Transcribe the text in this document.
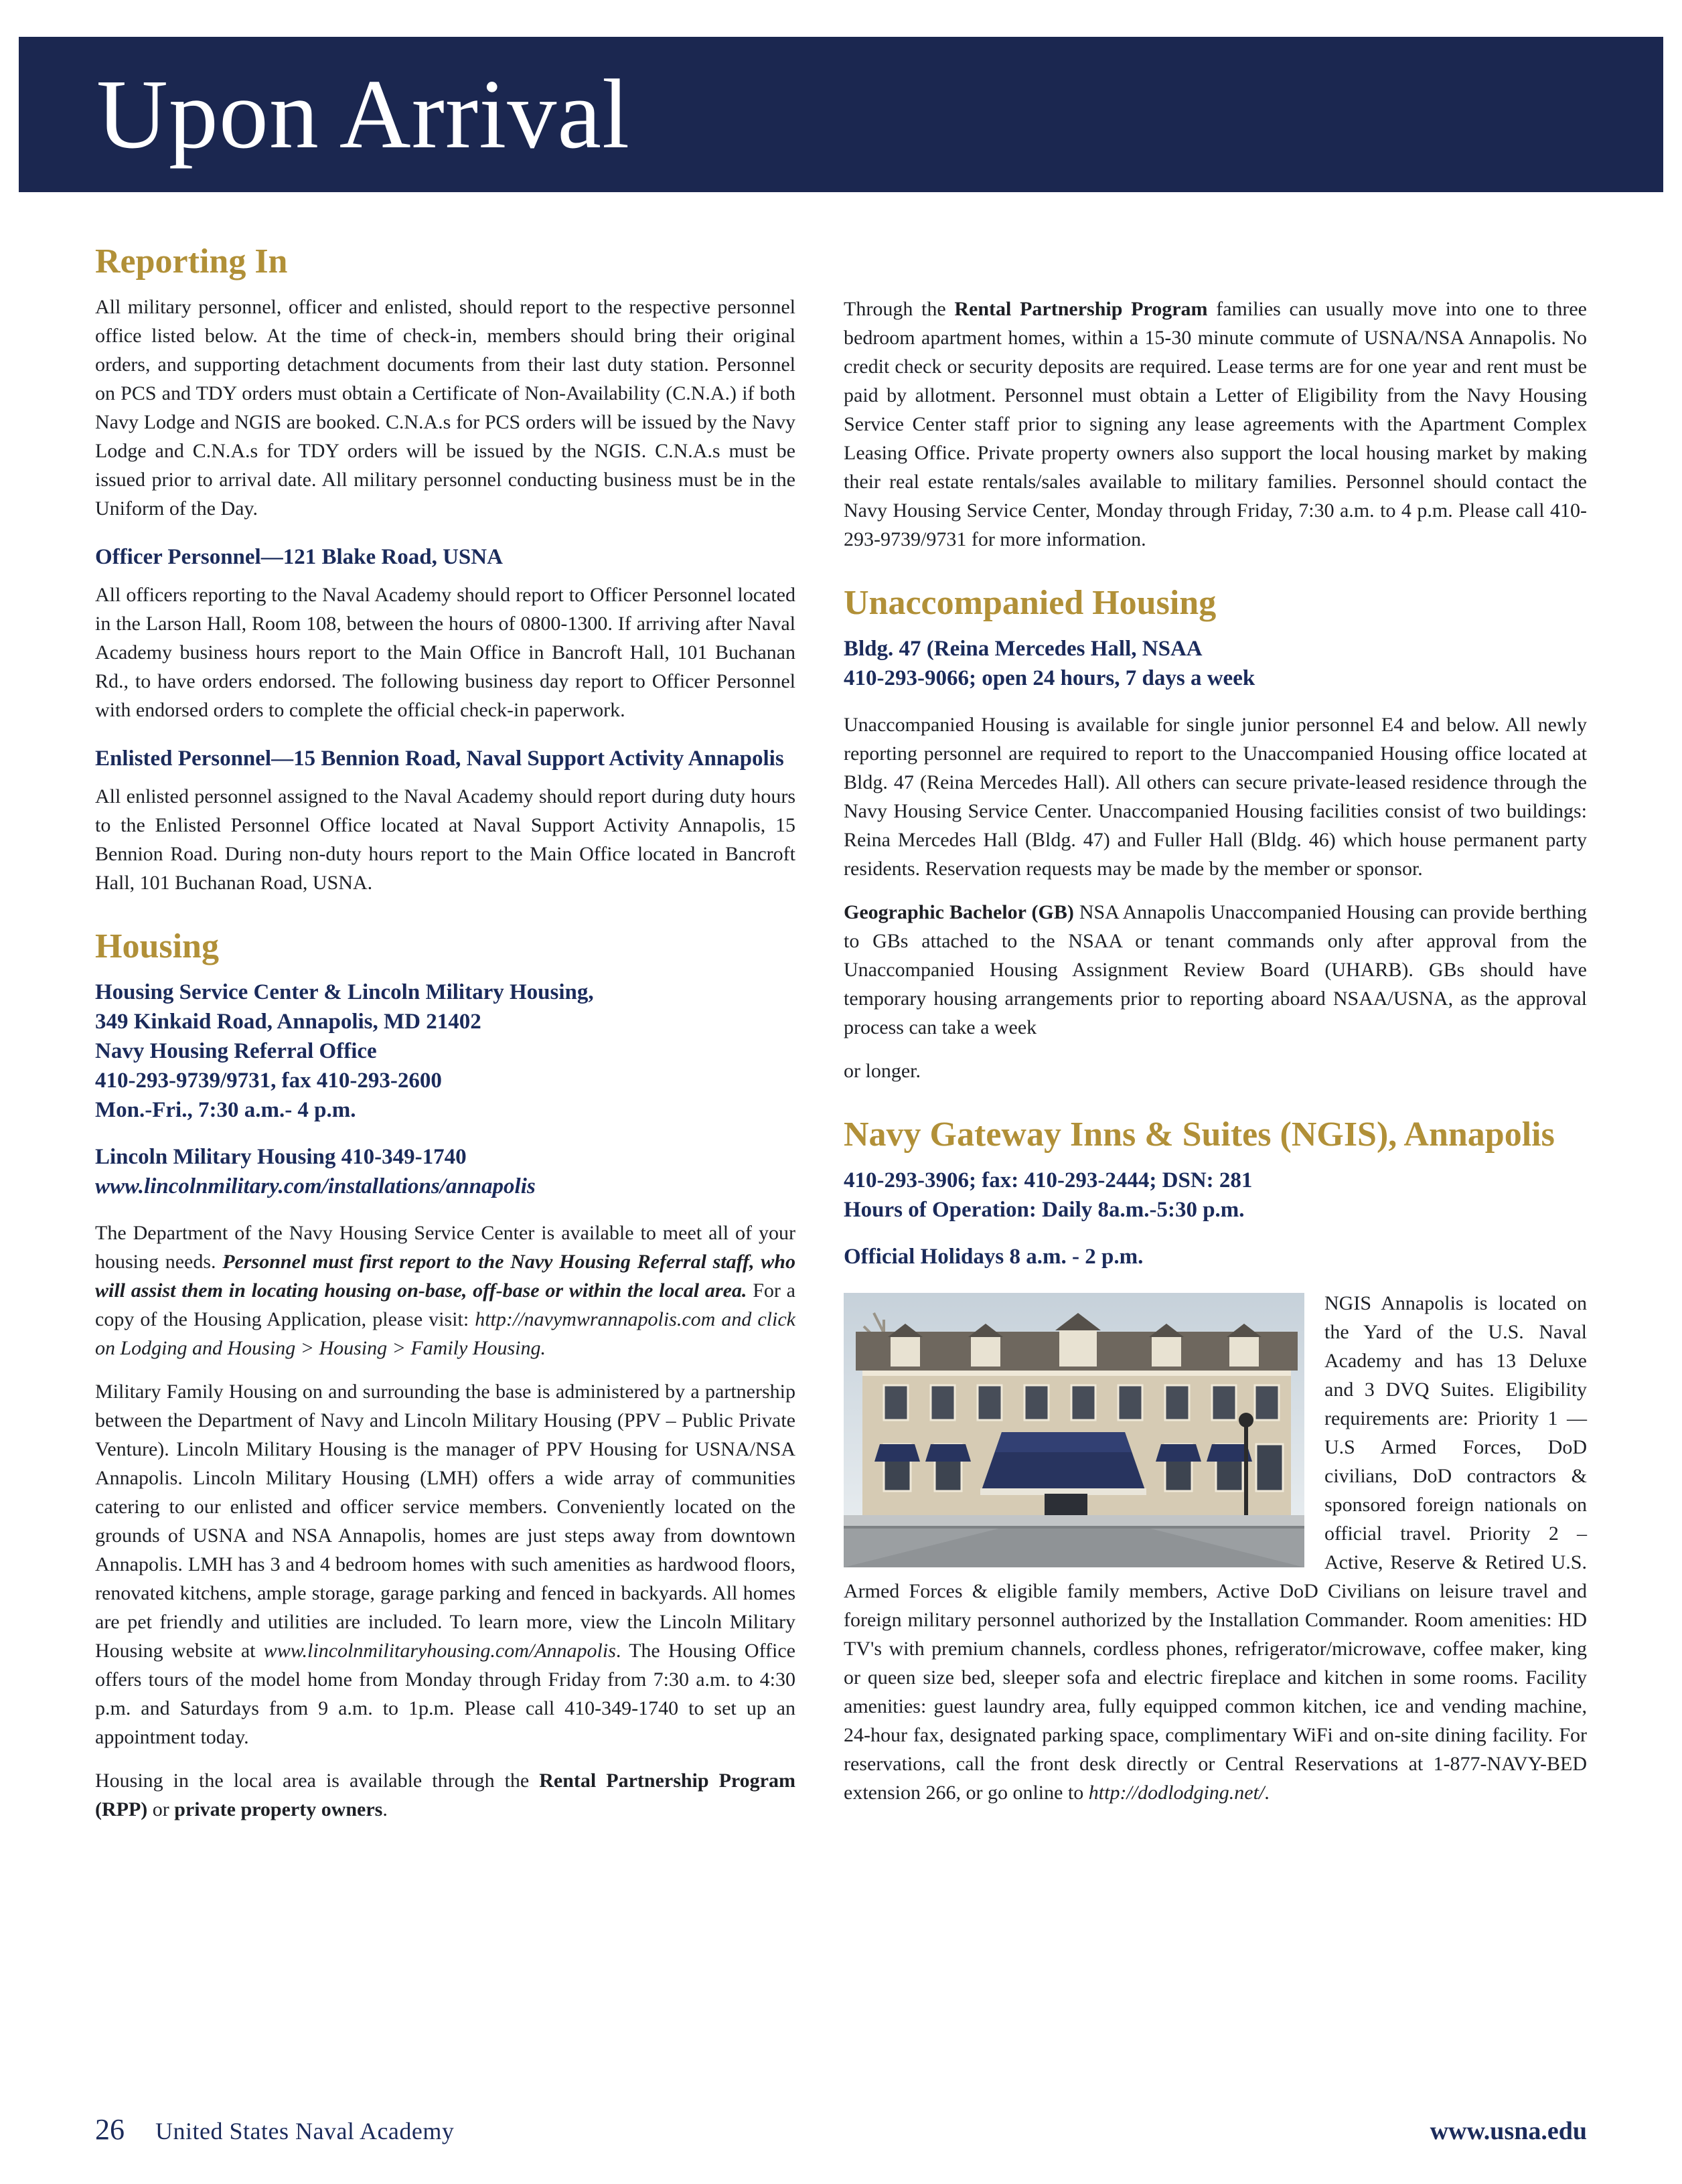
Upon Arrival
Reporting In

All military personnel, officer and enlisted, should report to the respective personnel office listed below. At the time of check-in, members should bring their original orders, and supporting detachment documents from their last duty station. Personnel on PCS and TDY orders must obtain a Certificate of Non-Availability (C.N.A.) if both Navy Lodge and NGIS are booked. C.N.A.s for PCS orders will be issued by the Navy Lodge and C.N.A.s for TDY orders will be issued by the NGIS. C.N.A.s must be issued prior to arrival date. All military personnel conducting business must be in the Uniform of the Day.

Officer Personnel—121 Blake Road, USNA

All officers reporting to the Naval Academy should report to Officer Personnel located in the Larson Hall, Room 108, between the hours of 0800-1300. If arriving after Naval Academy business hours report to the Main Office in Bancroft Hall, 101 Buchanan Rd., to have orders endorsed. The following business day report to Officer Personnel with endorsed orders to complete the official check-in paperwork.

Enlisted Personnel—15 Bennion Road, Naval Support Activity Annapolis

All enlisted personnel assigned to the Naval Academy should report during duty hours to the Enlisted Personnel Office located at Naval Support Activity Annapolis, 15 Bennion Road. During non-duty hours report to the Main Office located in Bancroft Hall, 101 Buchanan Road, USNA.

Housing
Housing Service Center & Lincoln Military Housing,
349 Kinkaid Road, Annapolis, MD 21402
Navy Housing Referral Office
410-293-9739/9731, fax 410-293-2600
Mon.-Fri., 7:30 a.m.- 4 p.m.
Lincoln Military Housing 410-349-1740
www.lincolnmilitary.com/installations/annapolis

The Department of the Navy Housing Service Center is available to meet all of your housing needs. Personnel must first report to the Navy Housing Referral staff, who will assist them in locating housing on-base, off-base or within the local area. For a copy of the Housing Application, please visit: http://navymwrannapolis.com and click on Lodging and Housing > Housing > Family Housing.

Military Family Housing on and surrounding the base is administered by a partnership between the Department of Navy and Lincoln Military Housing (PPV – Public Private Venture). Lincoln Military Housing is the manager of PPV Housing for USNA/NSA Annapolis. Lincoln Military Housing (LMH) offers a wide array of communities catering to our enlisted and officer service members. Conveniently located on the grounds of USNA and NSA Annapolis, homes are just steps away from downtown Annapolis. LMH has 3 and 4 bedroom homes with such amenities as hardwood floors, renovated kitchens, ample storage, garage parking and fenced in backyards. All homes are pet friendly and utilities are included. To learn more, view the Lincoln Military Housing website at www.lincolnmilitaryhousing.com/Annapolis. The Housing Office offers tours of the model home from Monday through Friday from 7:30 a.m. to 4:30 p.m. and Saturdays from 9 a.m. to 1p.m. Please call 410-349-1740 to set up an appointment today.

Housing in the local area is available through the Rental Partnership Program (RPP) or private property owners.

Through the Rental Partnership Program families can usually move into one to three bedroom apartment homes, within a 15-30 minute commute of USNA/NSA Annapolis. No credit check or security deposits are required. Lease terms are for one year and rent must be paid by allotment. Personnel must obtain a Letter of Eligibility from the Navy Housing Service Center staff prior to signing any lease agreements with the Apartment Complex Leasing Office. Private property owners also support the local housing market by making their real estate rentals/sales available to military families. Personnel should contact the Navy Housing Service Center, Monday through Friday, 7:30 a.m. to 4 p.m. Please call 410-293-9739/9731 for more information.

Unaccompanied Housing
Bldg. 47 (Reina Mercedes Hall, NSAA
410-293-9066; open 24 hours, 7 days a week

Unaccompanied Housing is available for single junior personnel E4 and below. All newly reporting personnel are required to report to the Unaccompanied Housing office located at Bldg. 47 (Reina Mercedes Hall). All others can secure private-leased residence through the Navy Housing Service Center. Unaccompanied Housing facilities consist of two buildings: Reina Mercedes Hall (Bldg. 47) and Fuller Hall (Bldg. 46) which house permanent party residents. Reservation requests may be made by the member or sponsor.

Geographic Bachelor (GB) NSA Annapolis Unaccompanied Housing can provide berthing to GBs attached to the NSAA or tenant commands only after approval from the Unaccompanied Housing Assignment Review Board (UHARB). GBs should have temporary housing arrangements prior to reporting aboard NSAA/USNA, as the approval process can take a week

or longer.

Navy Gateway Inns & Suites (NGIS), Annapolis
410-293-3906; fax: 410-293-2444; DSN: 281
Hours of Operation: Daily 8a.m.-5:30 p.m.
Official Holidays 8 a.m. - 2 p.m.

NGIS Annapolis is located on the Yard of the U.S. Naval Academy and has 13 Deluxe and 3 DVQ Suites. Eligibility requirements are: Priority 1 — U.S Armed Forces, DoD civilians, DoD contractors & sponsored foreign nationals on official travel. Priority 2 – Active, Reserve & Retired U.S. Armed Forces & eligible family members, Active DoD Civilians on leisure travel and foreign military personnel authorized by the Installation Commander. Room amenities: HD TV's with premium channels, cordless phones, refrigerator/microwave, coffee maker, king or queen size bed, sleeper sofa and electric fireplace and kitchen in some rooms. Facility amenities: guest laundry area, fully equipped common kitchen, ice and vending machine, 24-hour fax, designated parking space, complimentary WiFi and on-site dining facility. For reservations, call the front desk directly or Central Reservations at 1-877-NAVY-BED extension 266, or go online to http://dodlodging.net/.

26 United States Naval Academy	www.usna.edu
